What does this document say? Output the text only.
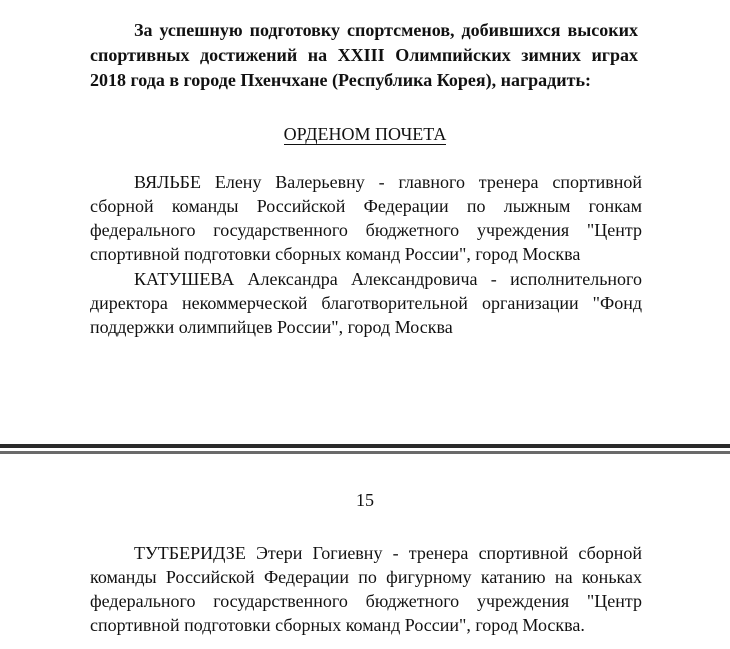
За успешную подготовку спортсменов, добившихся высоких спортивных достижений на XXIII Олимпийских зимних играх 2018 года в городе Пхенчхане (Республика Корея), наградить:

ОРДЕНОМ ПОЧЕТА

ВЯЛЬБЕ Елену Валерьевну - главного тренера спортивной сборной команды Российской Федерации по лыжным гонкам федерального государственного бюджетного учреждения "Центр спортивной подготовки сборных команд России", город Москва

КАТУШЕВА Александра Александровича - исполнительного директора некоммерческой благотворительной организации "Фонд поддержки олимпийцев России", город Москва

15

ТУТБЕРИДЗЕ Этери Гогиевну - тренера спортивной сборной команды Российской Федерации по фигурному катанию на коньках федерального государственного бюджетного учреждения "Центр спортивной подготовки сборных команд России", город Москва.
